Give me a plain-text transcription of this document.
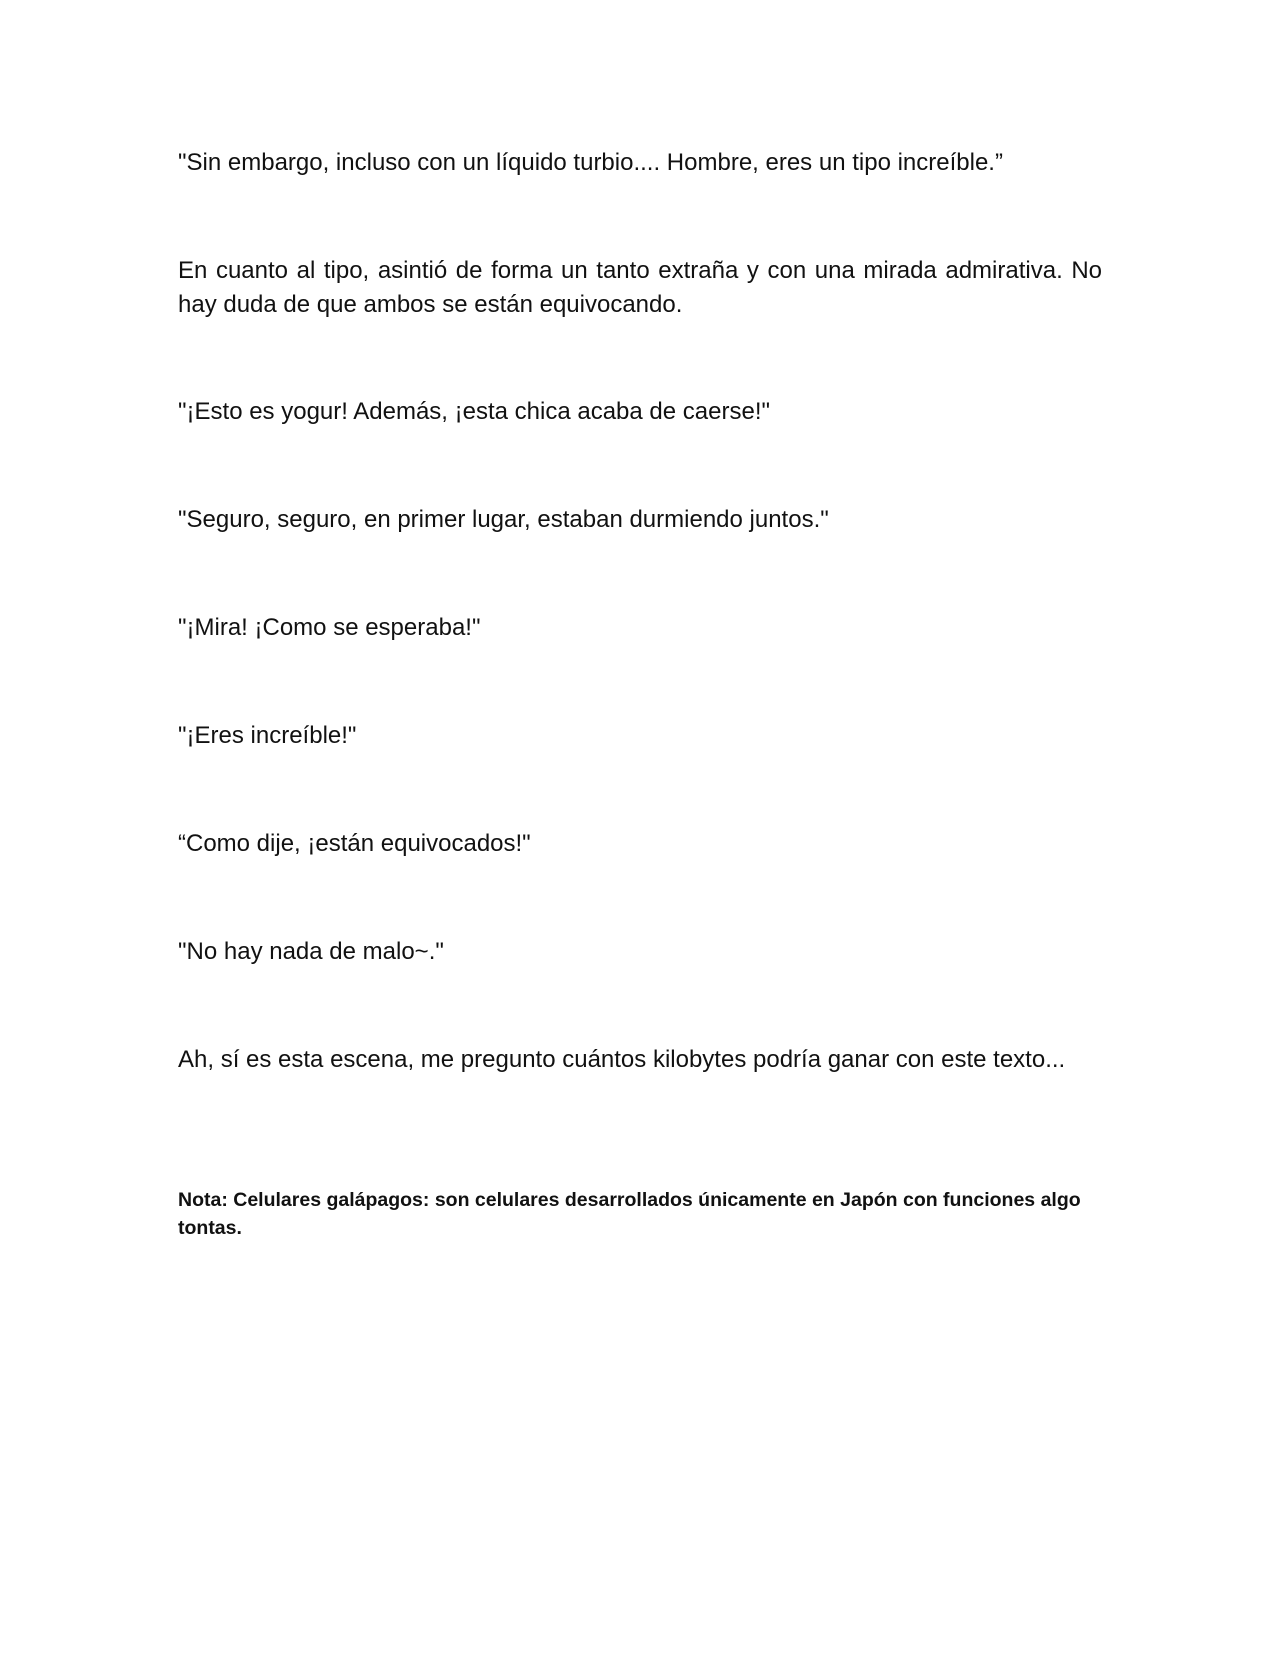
"Sin embargo, incluso con un líquido turbio.... Hombre, eres un tipo increíble.”

En cuanto al tipo, asintió de forma un tanto extraña y con una mirada admirativa. No hay duda de que ambos se están equivocando.

"¡Esto es yogur! Además, ¡esta chica acaba de caerse!"

"Seguro, seguro, en primer lugar, estaban durmiendo juntos."

"¡Mira! ¡Como se esperaba!"

"¡Eres increíble!"

“Como dije, ¡están equivocados!"

"No hay nada de malo~."

Ah, sí es esta escena, me pregunto cuántos kilobytes podría ganar con este texto...

Nota: Celulares galápagos: son celulares desarrollados únicamente en Japón con funciones algo tontas.
